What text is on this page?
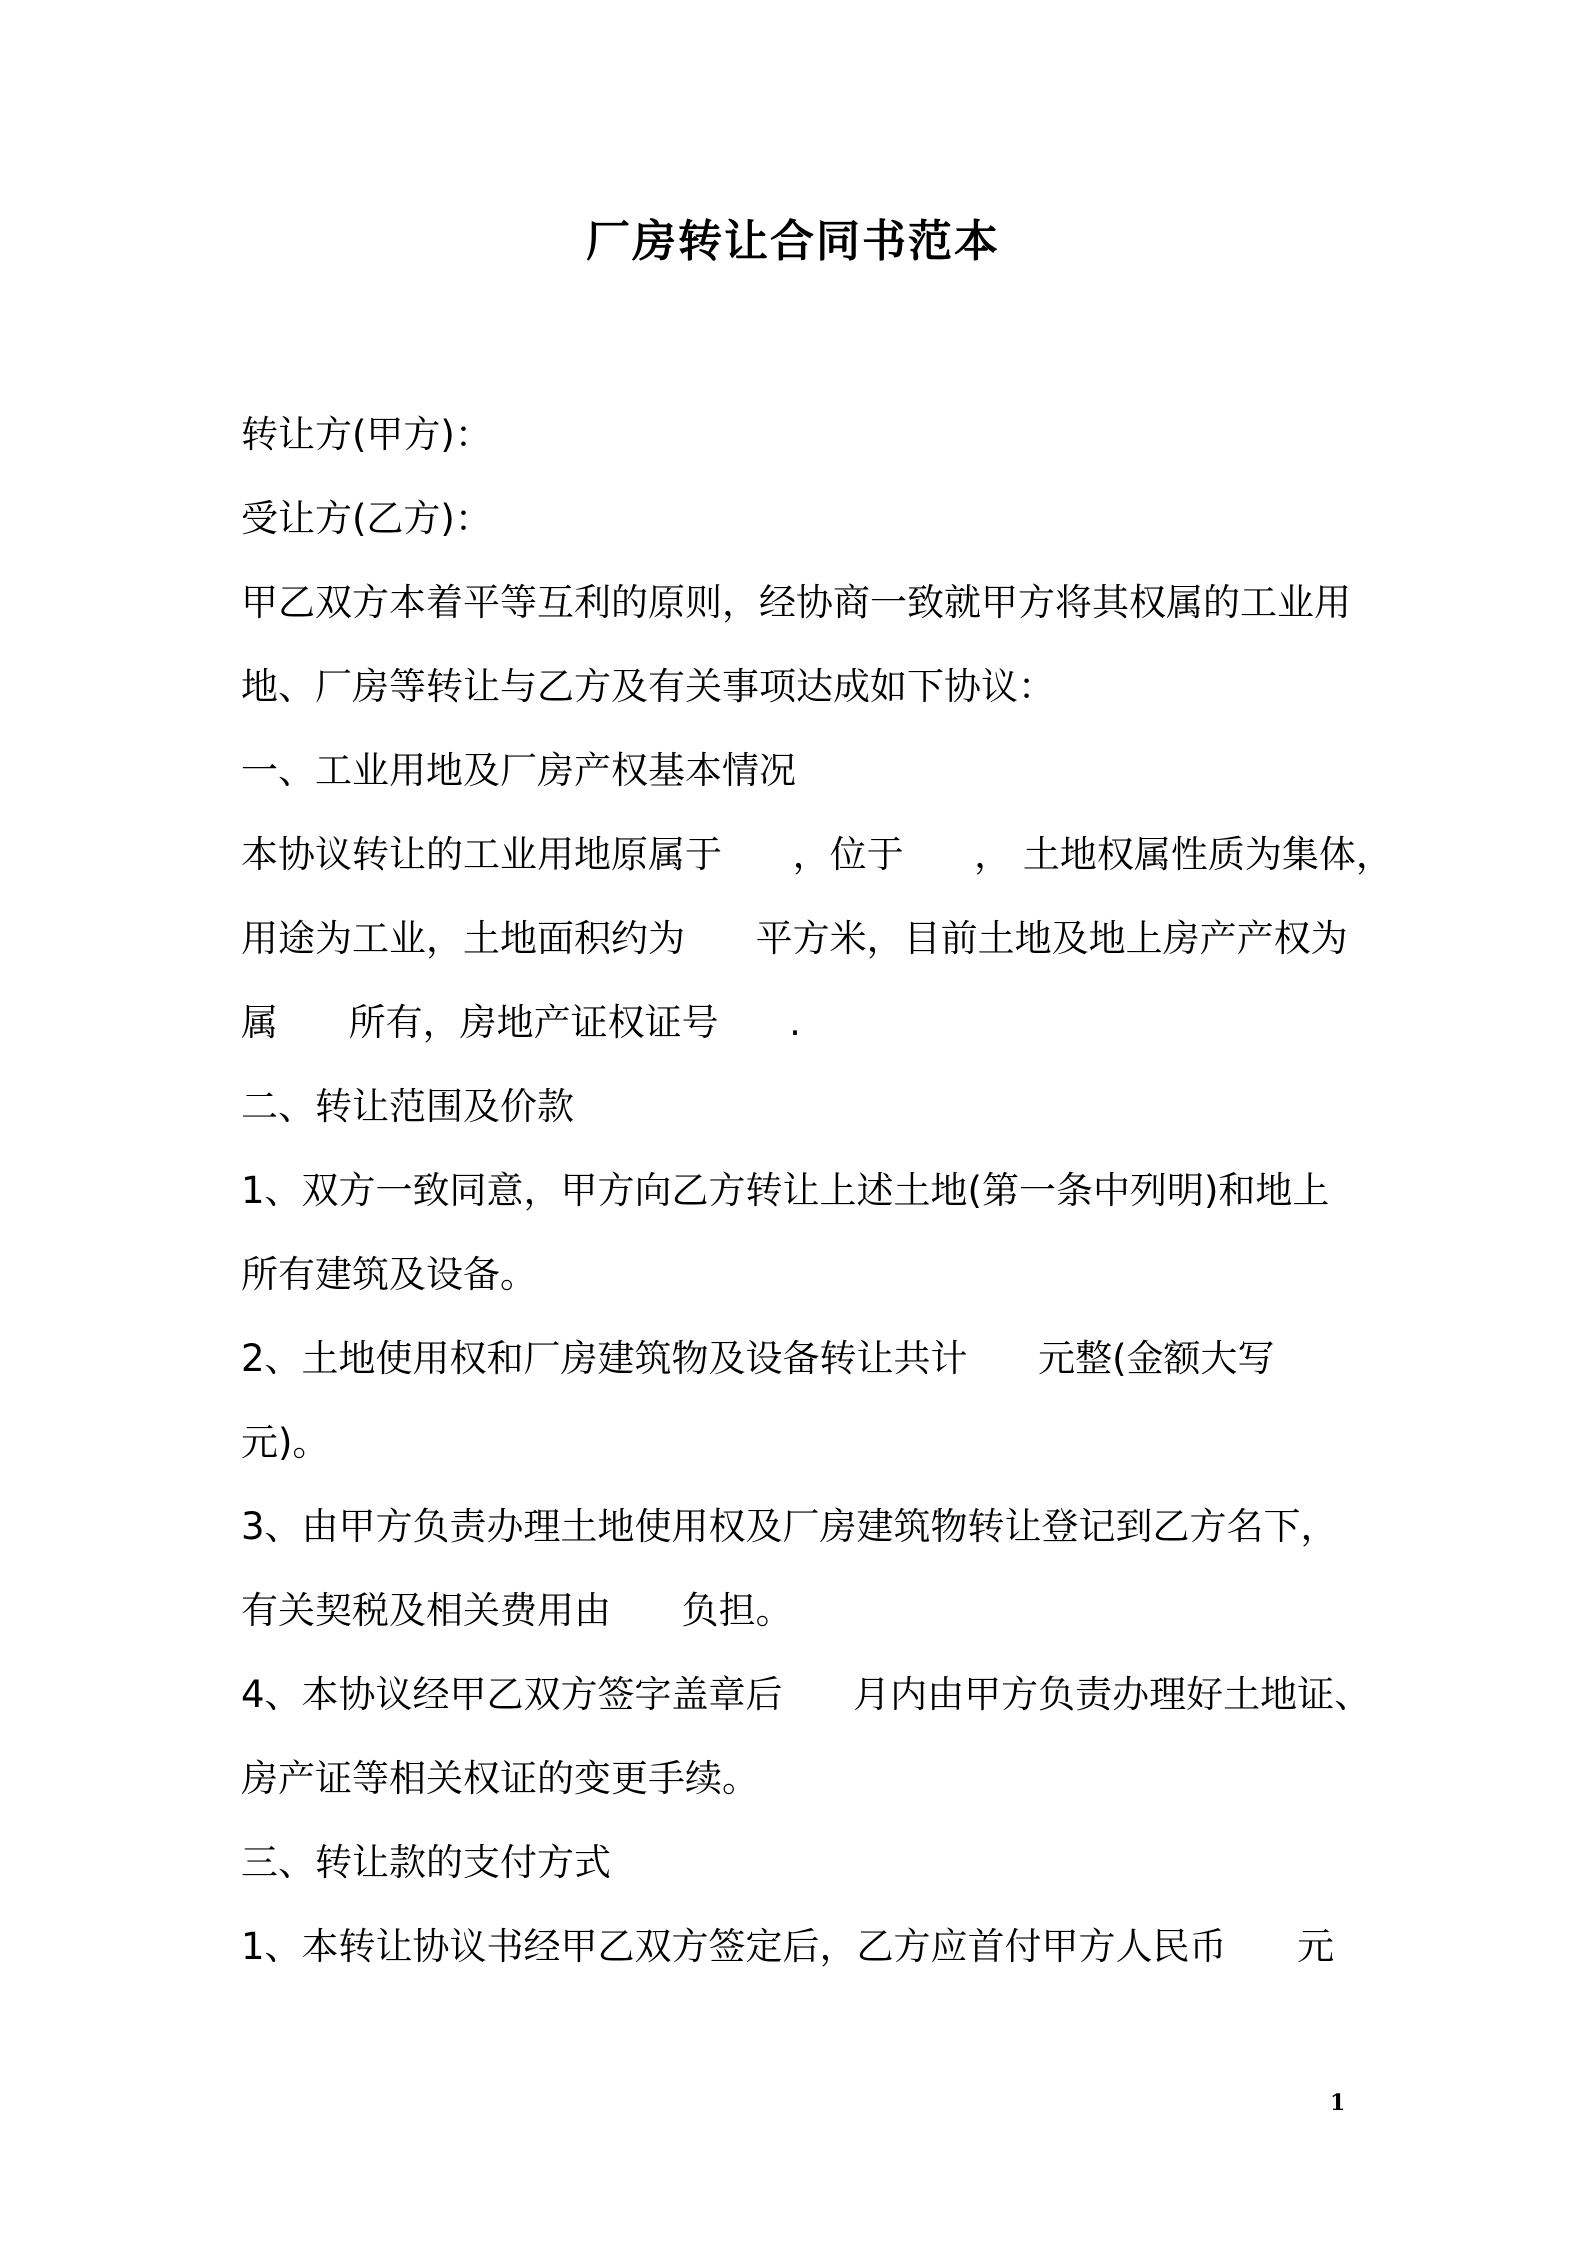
厂房转让合同书范本
转让方(甲方)：
受让方(乙方)：
甲乙双方本着平等互利的原则，经协商一致就甲方将其权属的工业用
地、厂房等转让与乙方及有关事项达成如下协议：
一、工业用地及厂房产权基本情况
本协议转让的工业用地原属于      ，位于      ， 土地权属性质为集体，
用途为工业，土地面积约为      平方米，目前土地及地上房产产权为
属      所有，房地产证权证号      .
二、转让范围及价款
1、双方一致同意，甲方向乙方转让上述土地(第一条中列明)和地上
所有建筑及设备。
2、土地使用权和厂房建筑物及设备转让共计      元整(金额大写
元)。
3、由甲方负责办理土地使用权及厂房建筑物转让登记到乙方名下，
有关契税及相关费用由      负担。
4、本协议经甲乙双方签字盖章后      月内由甲方负责办理好土地证、
房产证等相关权证的变更手续。
三、转让款的支付方式
1、本转让协议书经甲乙双方签定后，乙方应首付甲方人民币      元
1
